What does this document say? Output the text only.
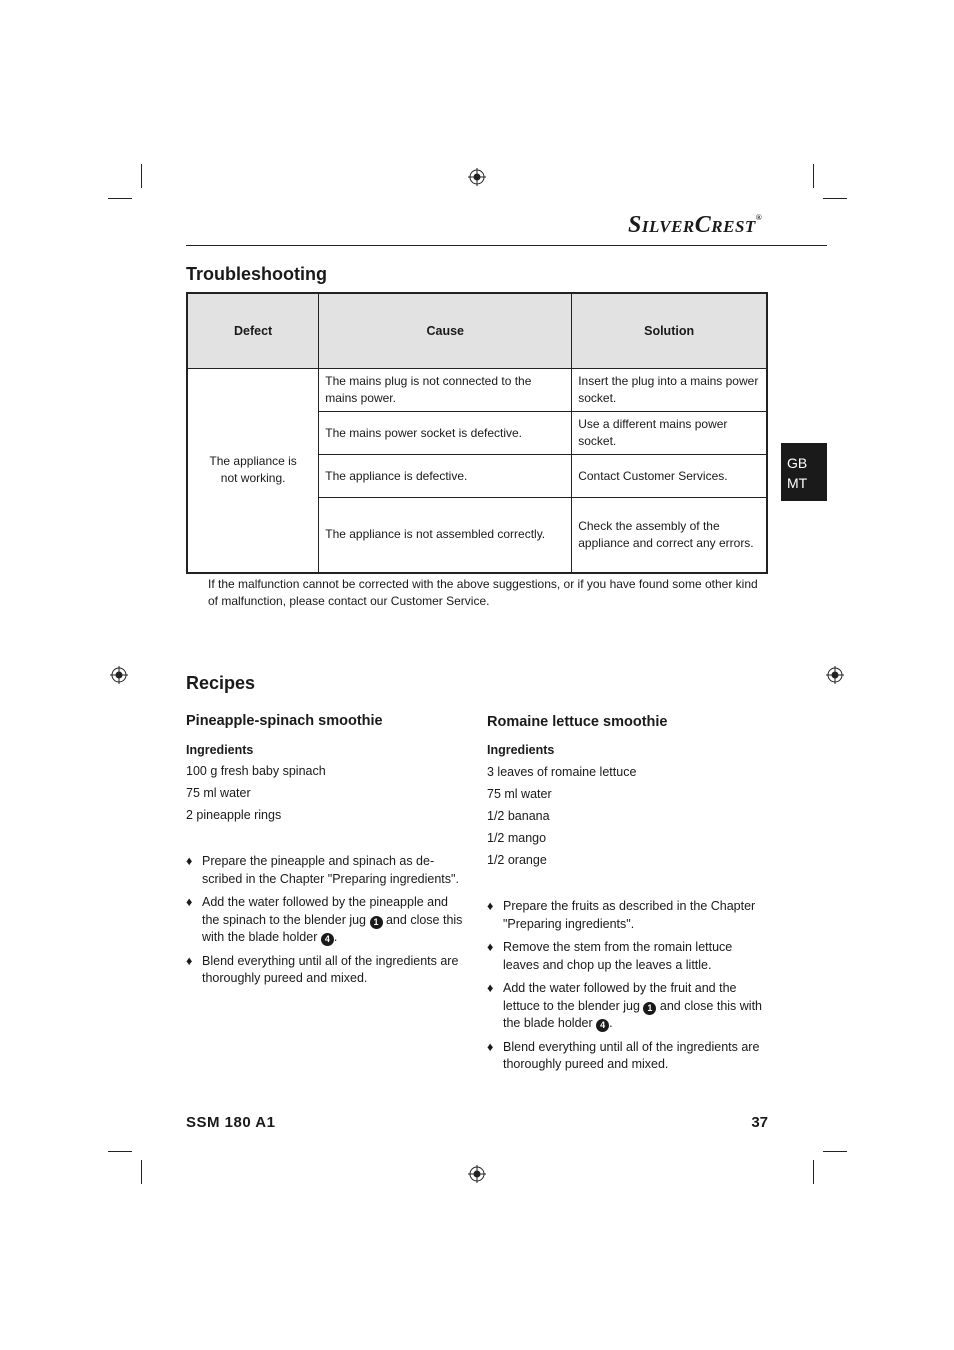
SILVERCREST®
GB
MT
Troubleshooting
Defect	Cause	Solution
The appliance is not working.	The mains plug is not connected to the mains power.	Insert the plug into a mains power socket.
	The mains power socket is defective.	Use a different mains power socket.
	The appliance is defective.	Contact Customer Services.
	The appliance is not assembled correctly.	Check the assembly of the appliance and correct any errors.
If the malfunction cannot be corrected with the above suggestions, or if you have found some other kind of malfunction, please contact our Customer Service.
Recipes
Pineapple-spinach smoothie
Ingredients
100 g fresh baby spinach
75 ml water
2 pineapple rings
♦ Prepare the pineapple and spinach as de-scribed in the Chapter "Preparing ingredients".
♦ Add the water followed by the pineapple and the spinach to the blender jug 1 and close this with the blade holder 4 .
♦ Blend everything until all of the ingredients are thoroughly pureed and mixed.
Romaine lettuce smoothie
Ingredients
3 leaves of romaine lettuce
75 ml water
1/2 banana
1/2 mango
1/2 orange
♦ Prepare the fruits as described in the Chapter "Preparing ingredients".
♦ Remove the stem from the romain lettuce leaves and chop up the leaves a little.
♦ Add the water followed by the fruit and the lettuce to the blender jug 1 and close this with the blade holder 4 .
♦ Blend everything until all of the ingredients are thoroughly pureed and mixed.
SSM 180 A1	37
